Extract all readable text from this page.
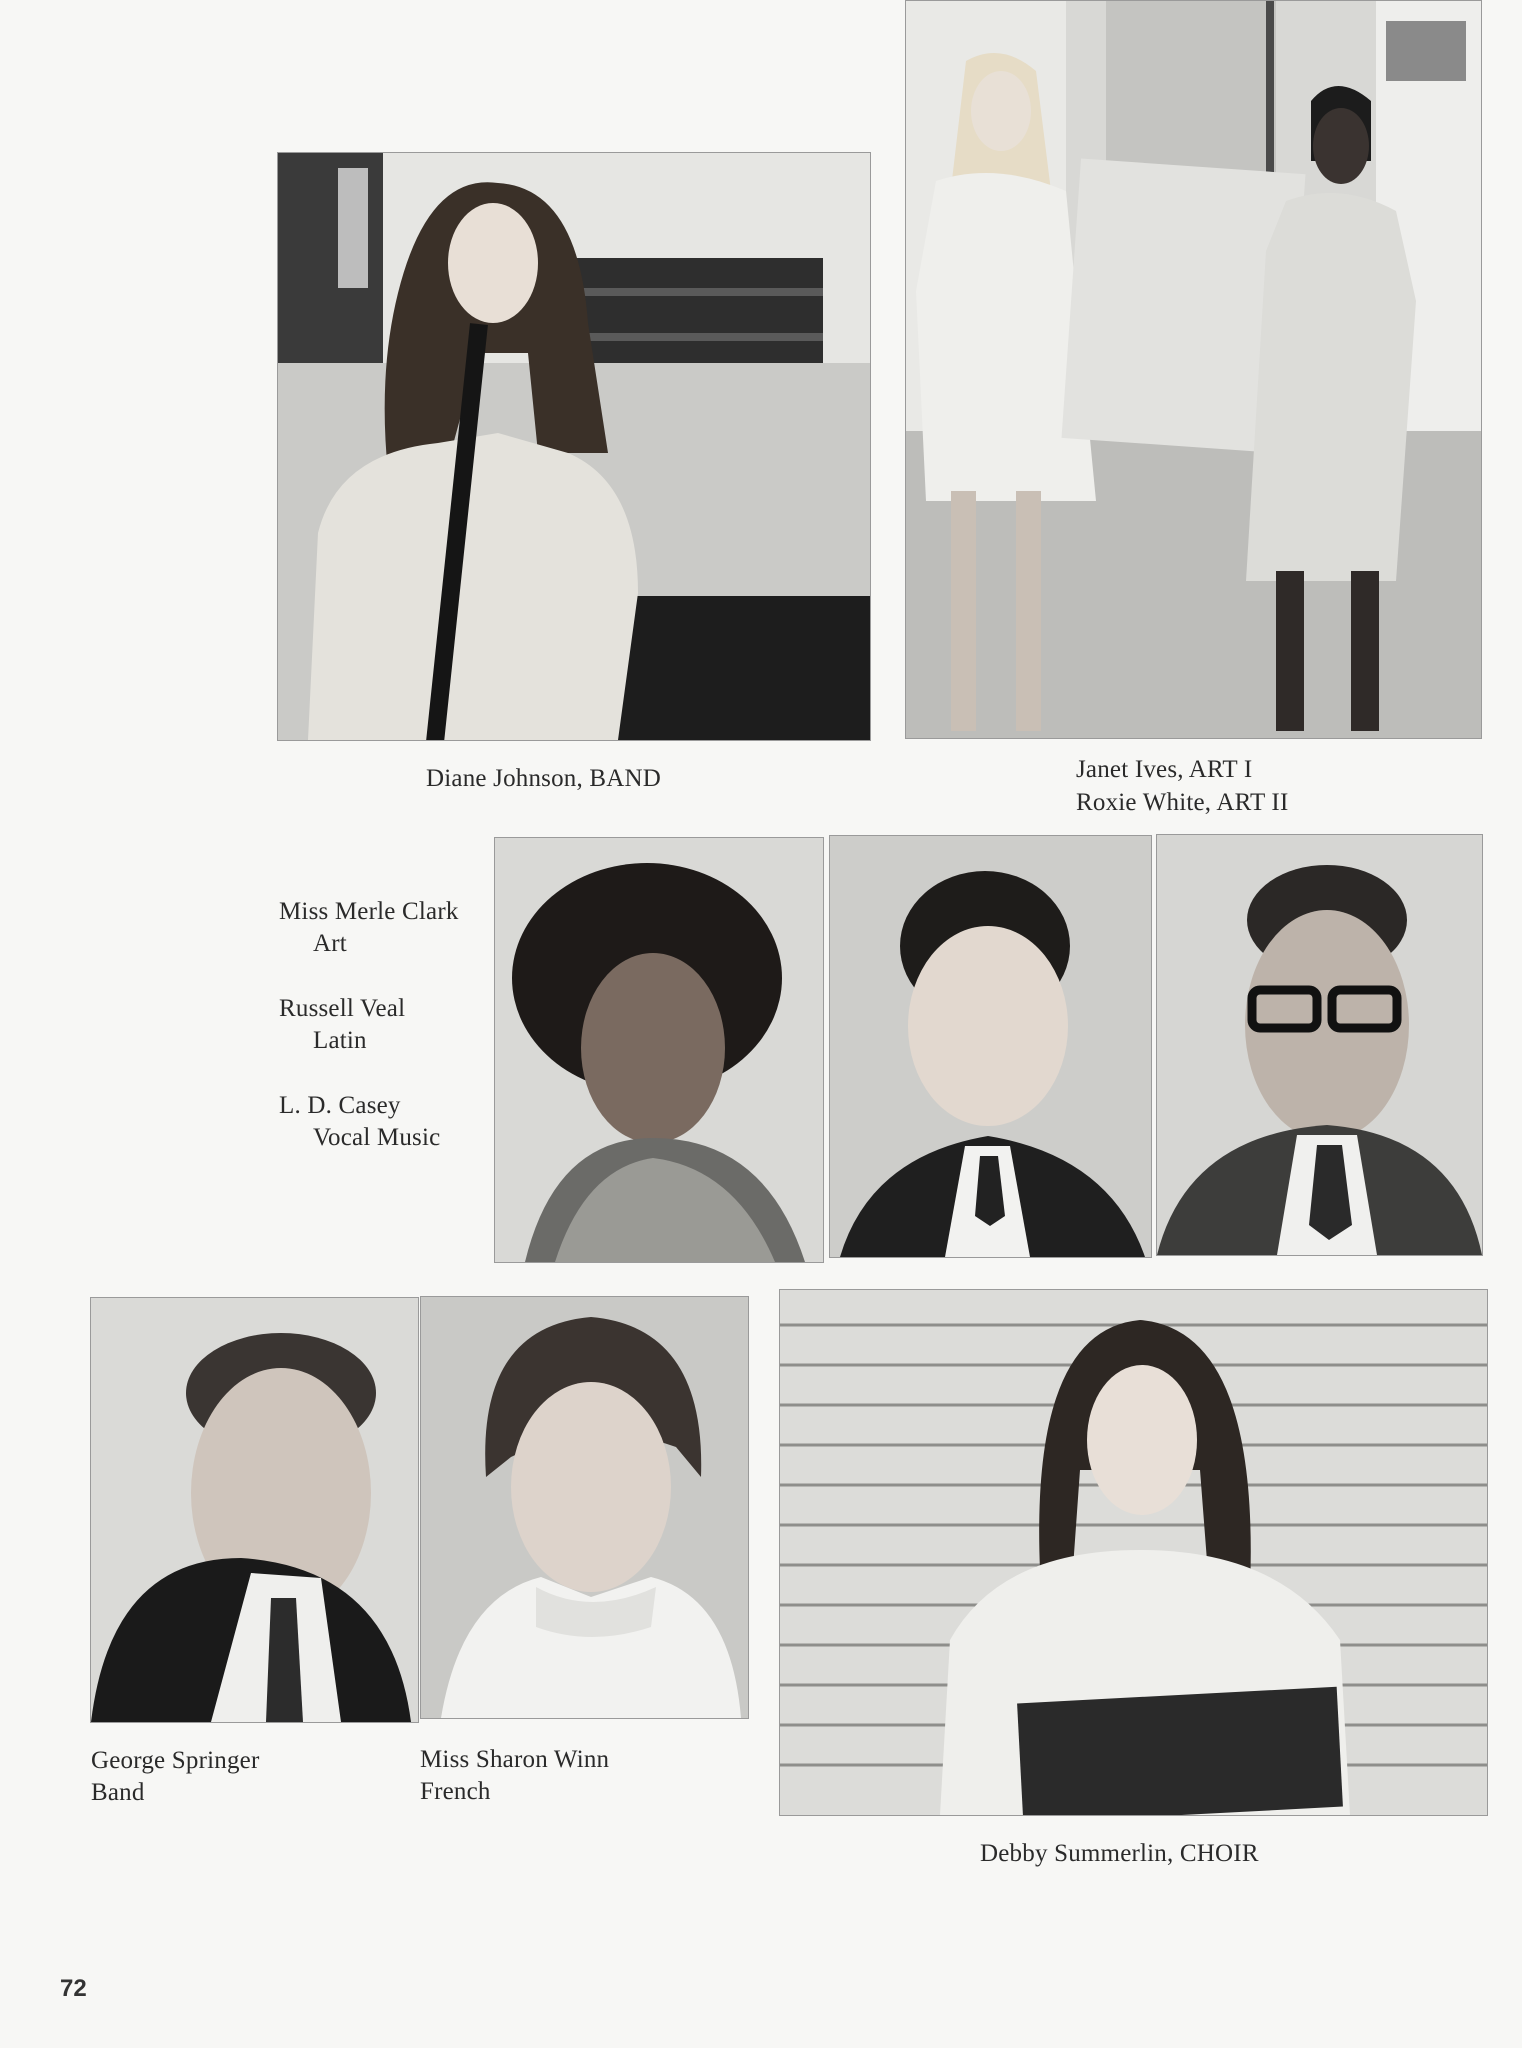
Diane Johnson, BAND	Janet Ives, ART I
Roxie White, ART II
Miss Merle Clark
Art
Russell Veal
Latin
L. D. Casey
Vocal Music
George Springer
Band
Miss Sharon Winn
French
Debby Summerlin, CHOIR
72
